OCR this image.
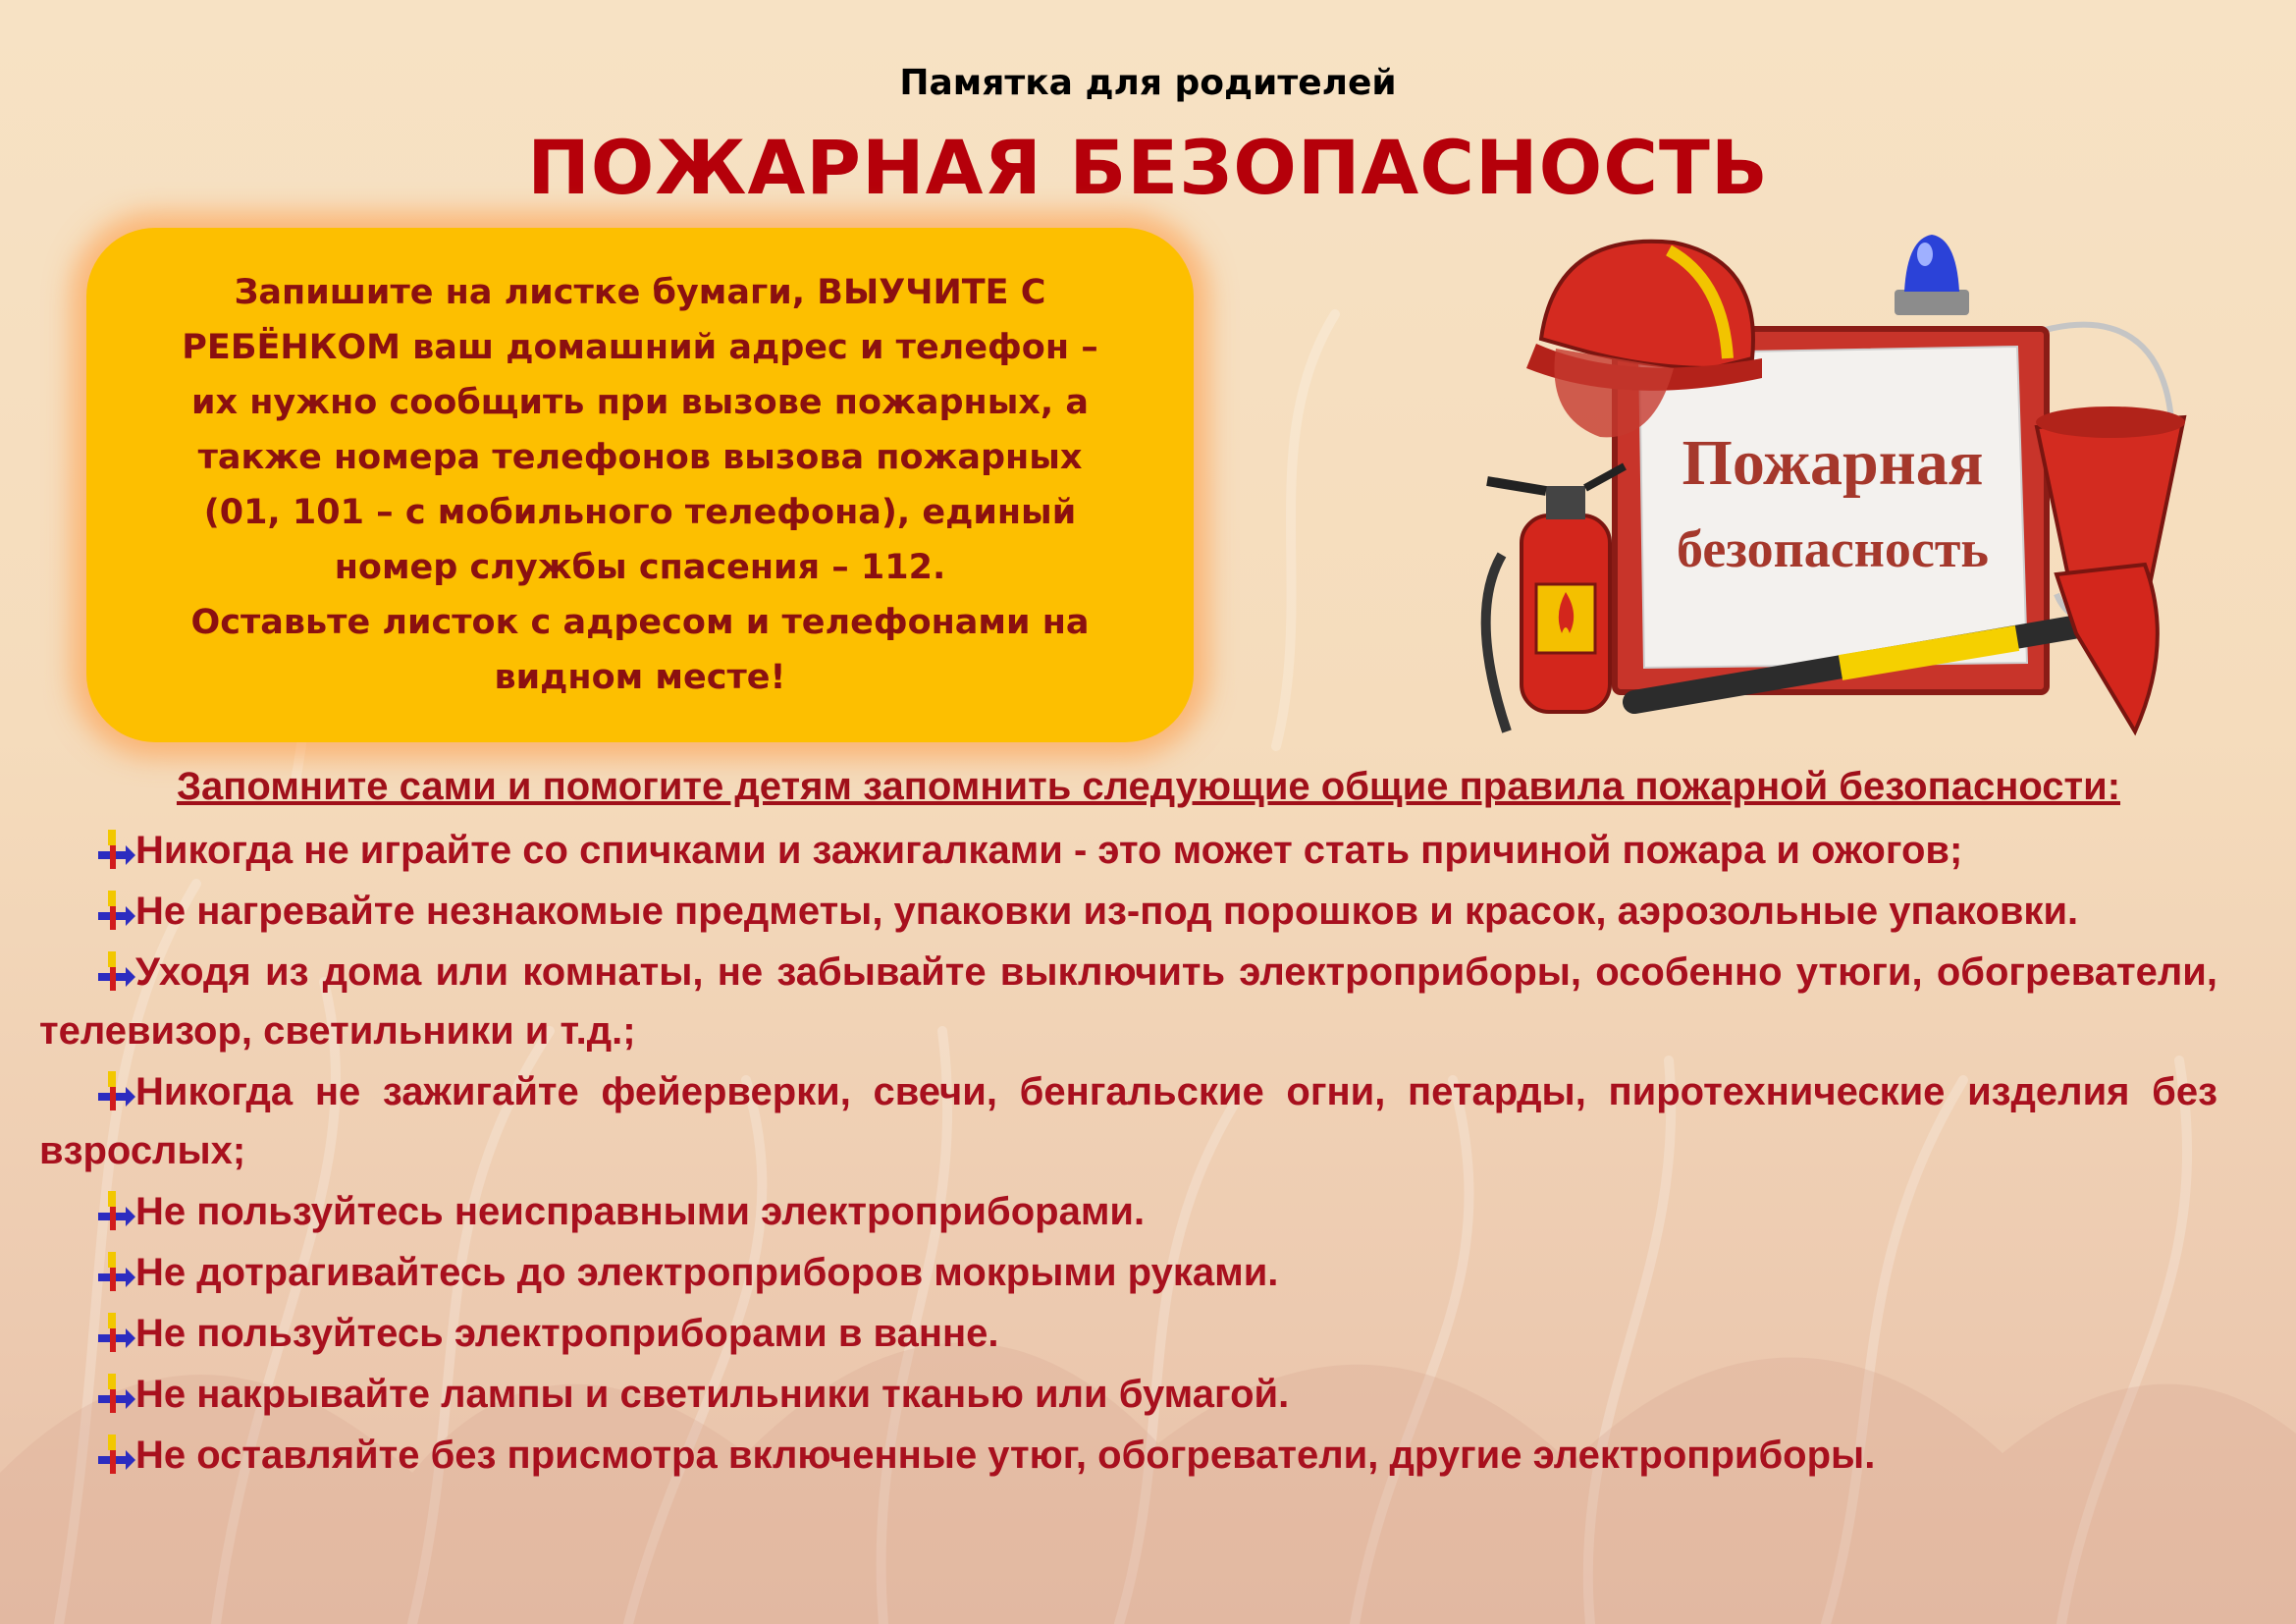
Памятка для родителей
ПОЖАРНАЯ БЕЗОПАСНОСТЬ
Запишите на листке бумаги, ВЫУЧИТЕ С
РЕБЁНКОМ ваш домашний адрес и телефон –
их нужно сообщить при вызове пожарных, а
также номера телефонов вызова пожарных
(01, 101 – с мобильного телефона), единый
номер службы спасения – 112.
Оставьте листок с адресом и телефонами на
видном месте!
Пожарная
безопасность
Запомните сами и помогите детям запомнить следующие общие правила пожарной безопасности:
Никогда не играйте со спичками и зажигалками - это может стать причиной пожара и ожогов;
Не нагревайте незнакомые предметы, упаковки из-под порошков и красок, аэрозольные упаковки.
Уходя из дома или комнаты, не забывайте выключить электроприборы, особенно утюги, обогреватели, телевизор, светильники и т.д.;
Никогда не зажигайте фейерверки, свечи, бенгальские огни, петарды, пиротехнические изделия без взрослых;
Не пользуйтесь неисправными электроприборами.
Не дотрагивайтесь до электроприборов мокрыми руками.
Не пользуйтесь электроприборами в ванне.
Не накрывайте лампы и светильники тканью или бумагой.
Не оставляйте без присмотра включенные утюг, обогреватели, другие электроприборы.
